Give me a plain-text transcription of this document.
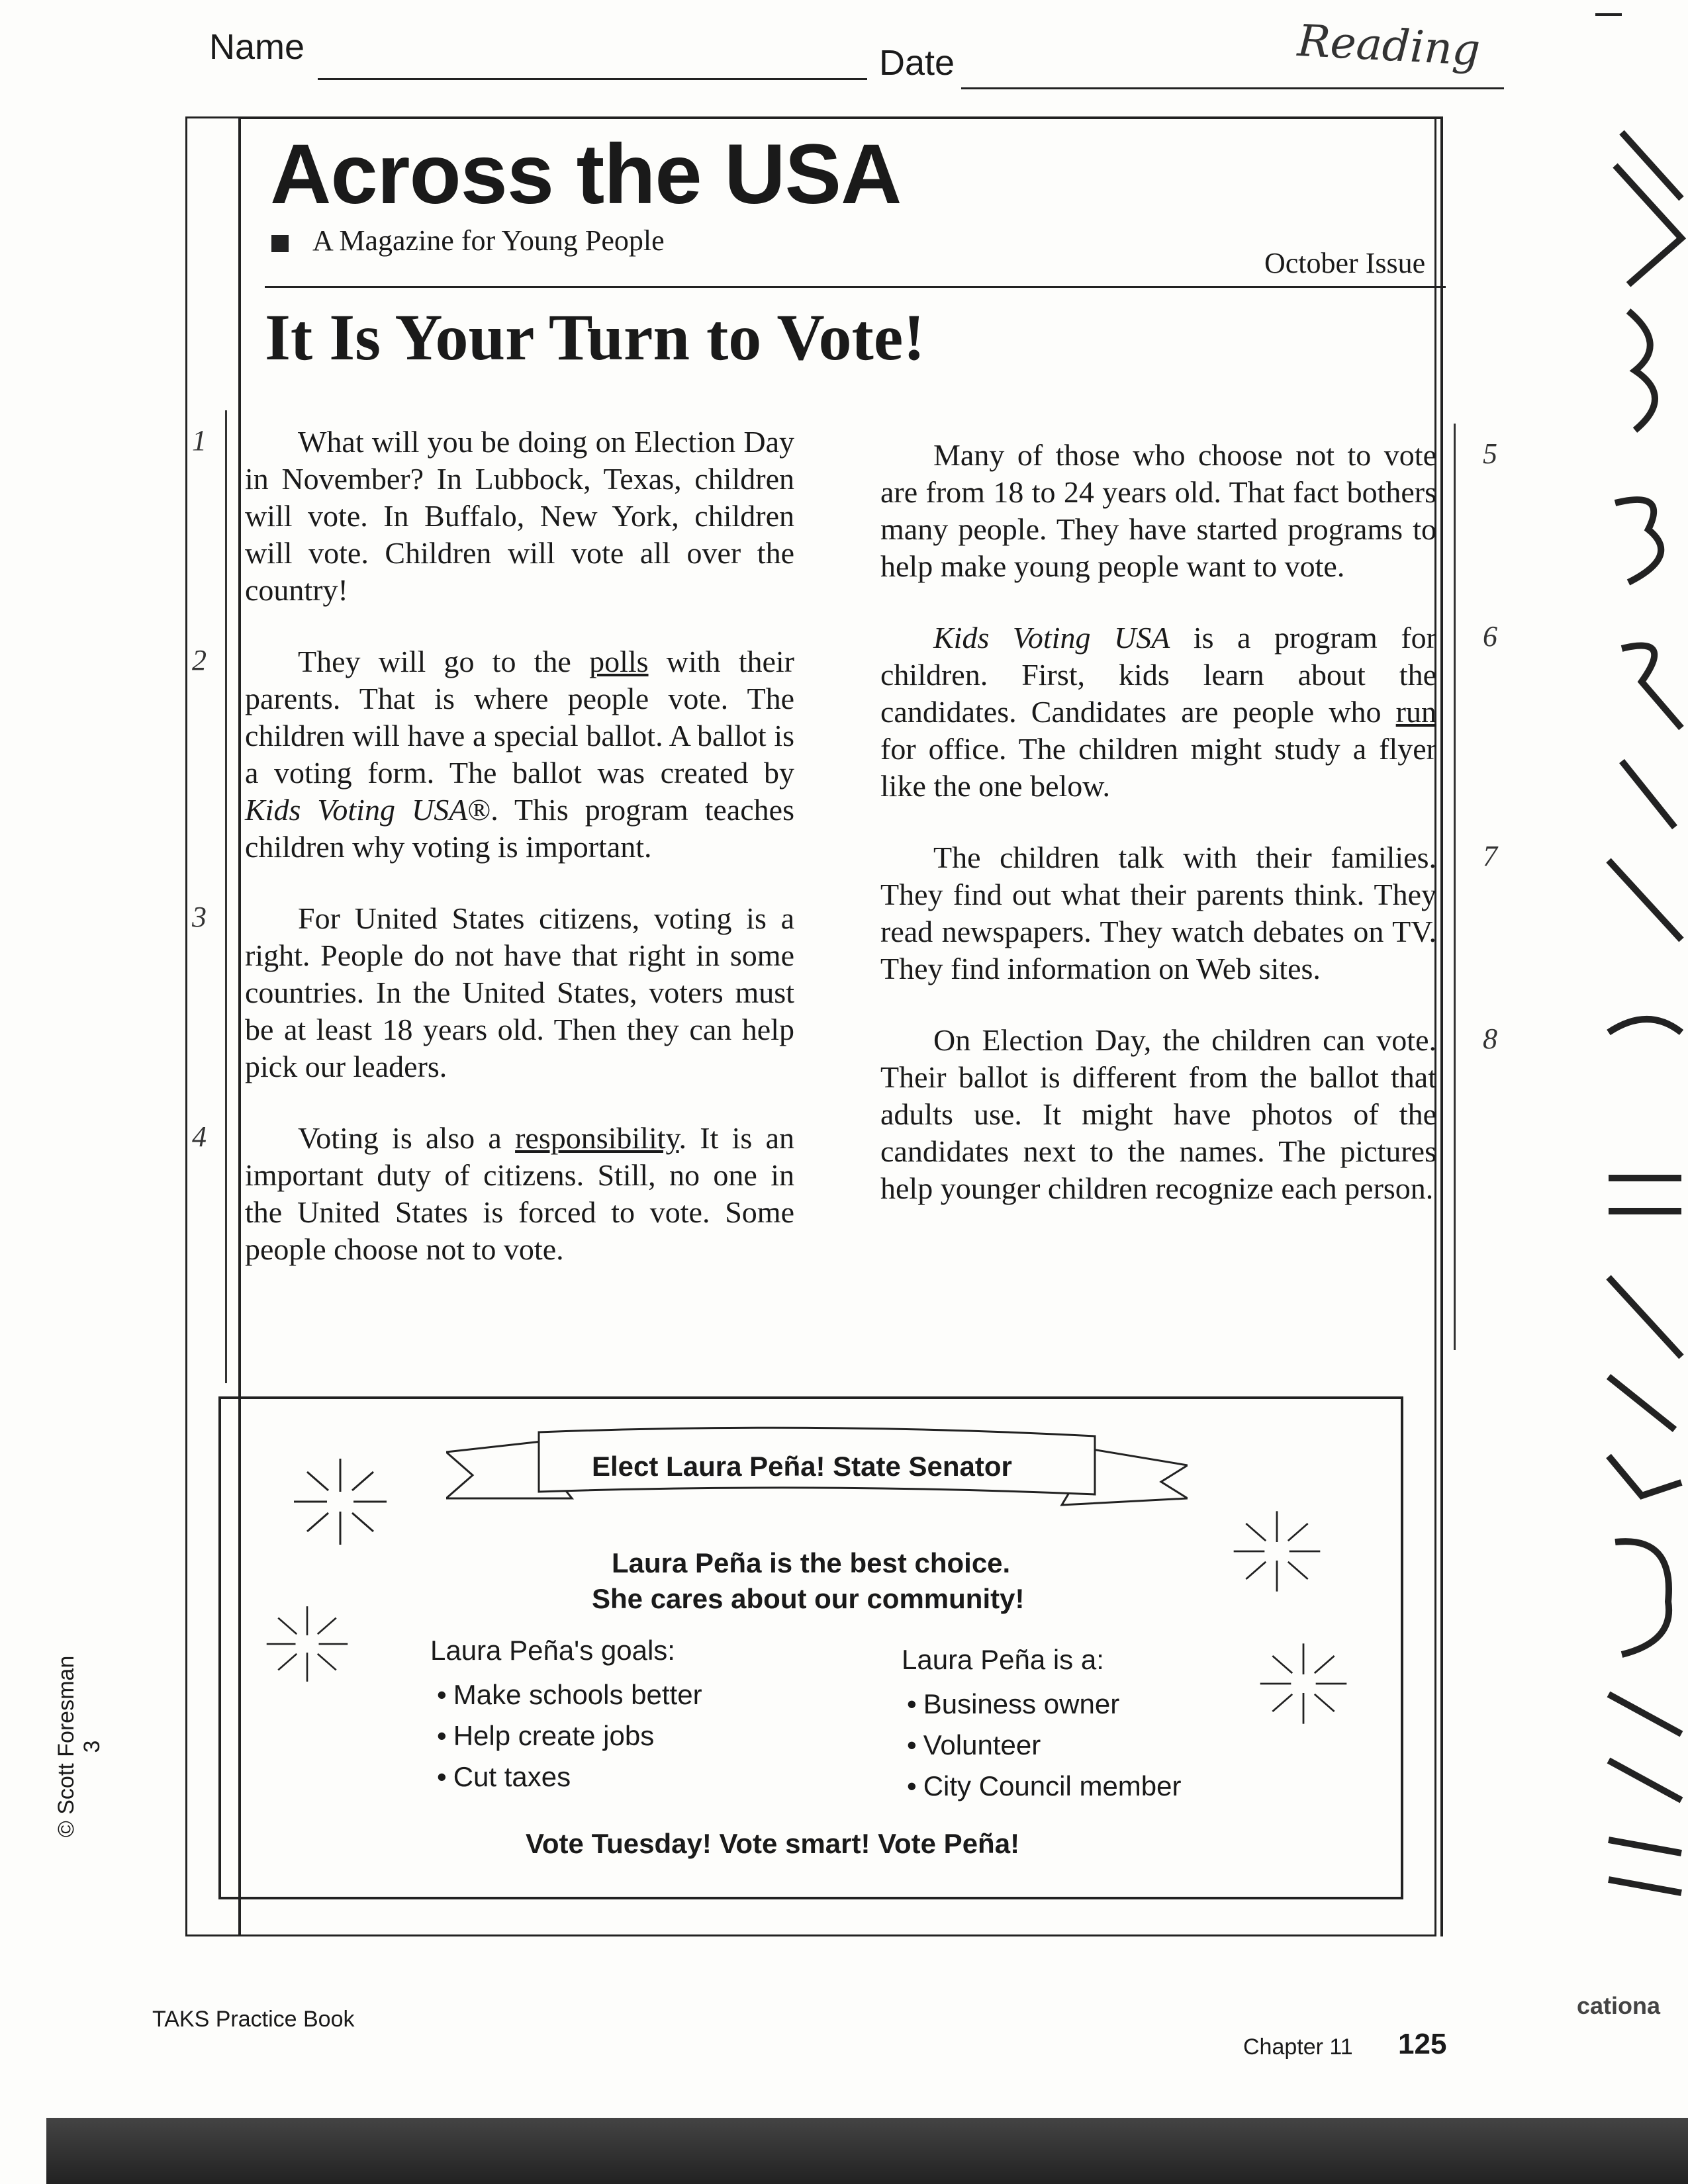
Name	Date	Reading
Across the USA
A Magazine for Young People
October Issue
It Is Your Turn to Vote!

What will you be doing on Election Day in November? In Lubbock, Texas, children will vote. In Buffalo, New York, children will vote. Children will vote all over the country!

They will go to the polls with their parents. That is where people vote. The children will have a special ballot. A ballot is a voting form. The ballot was created by Kids Voting USA®. This program teaches children why voting is important.

For United States citizens, voting is a right. People do not have that right in some countries. In the United States, voters must be at least 18 years old. Then they can help pick our leaders.

Voting is also a responsibility. It is an important duty of citizens. Still, no one in the United States is forced to vote. Some people choose not to vote.

1
2
3
4

Many of those who choose not to vote are from 18 to 24 years old. That fact bothers many people. They have started programs to help make young people want to vote.

Kids Voting USA is a program for children. First, kids learn about the candidates. Candidates are people who run for office. The children might study a flyer like the one below.

The children talk with their families. They find out what their parents think. They read newspapers. They watch debates on TV. They find information on Web sites.

On Election Day, the children can vote. Their ballot is different from the ballot that adults use. It might have photos of the candidates next to the names. The pictures help younger children recognize each person.

5
6
7
8
Elect Laura Peña! State Senator
Laura Peña is the best choice.
She cares about our community!
Laura Peña's goals:
• Make schools better
• Help create jobs
• Cut taxes
Laura Peña is a:
• Business owner
• Volunteer
• City Council member
Vote Tuesday! Vote smart! Vote Peña!
© Scott Foresman 3
TAKS Practice Book
Chapter 11 125
cationa
